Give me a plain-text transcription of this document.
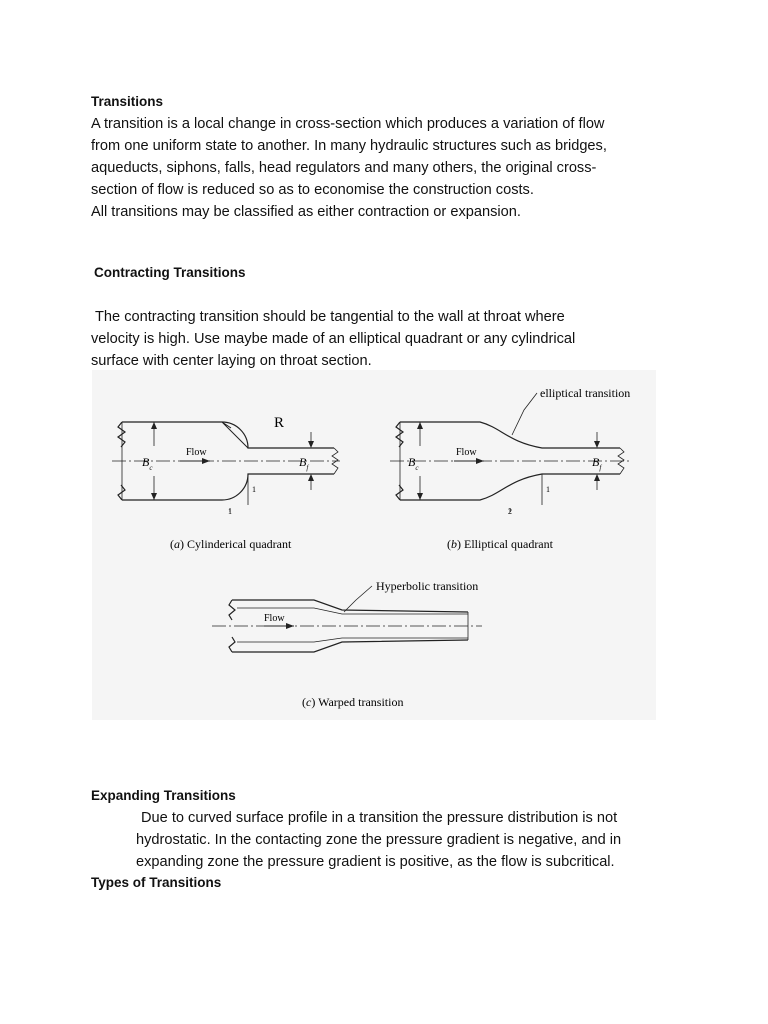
Transitions
A transition is a local change in cross-section which produces a variation of flow
from one uniform state to another. In many hydraulic structures such as bridges,
aqueducts, siphons, falls, head regulators and many others, the original cross-
section of flow is reduced so as to economise the construction costs.
All transitions may be classified as either contraction or expansion.
Contracting Transitions
The contracting transition should be tangential to the wall at throat where
velocity is high. Use maybe made of an elliptical quadrant or any cylindrical
surface with center laying on throat section.
R
Flow
$B_c$	$B_f$
1
1
(a) Cylinderical quadrant
elliptical transition
Flow
$B_c$	$B_f$
1
2
(b) Elliptical quadrant
Hyperbolic transition
Flow
(c) Warped transition
Expanding Transitions
Due to curved surface profile in a transition the pressure distribution is not
hydrostatic. In the contacting zone the pressure gradient is negative, and in
expanding zone the pressure gradient is positive, as the flow is subcritical.
Types of Transitions
